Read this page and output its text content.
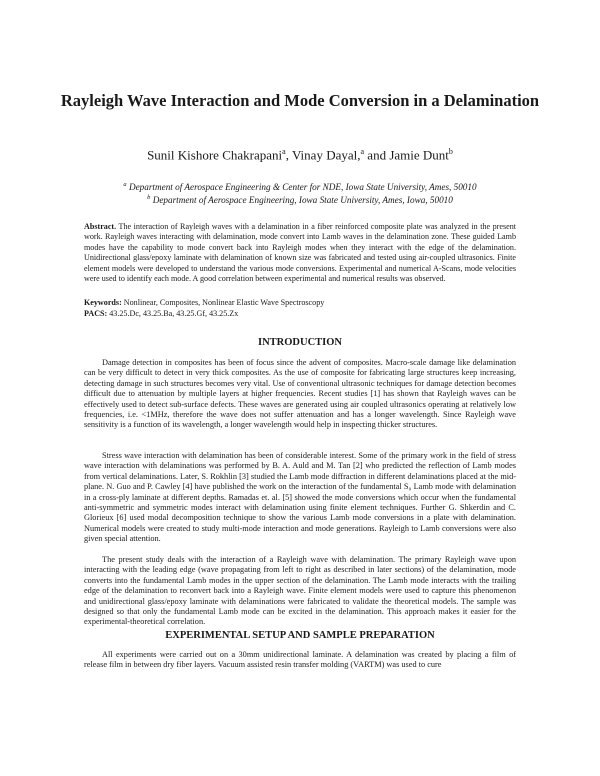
Rayleigh Wave Interaction and Mode Conversion in a Delamination
Sunil Kishore Chakrapani$^a$, Vinay Dayal,$^a$ and Jamie Dunt$^b$
$^a$ Department of Aerospace Engineering & Center for NDE, Iowa State University, Ames, 50010
$^b$ Department of Aerospace Engineering, Iowa State University, Ames, Iowa, 50010
Abstract. The interaction of Rayleigh waves with a delamination in a fiber reinforced composite plate was analyzed in the present work. Rayleigh waves interacting with delamination, mode convert into Lamb waves in the delamination zone. These guided Lamb modes have the capability to mode convert back into Rayleigh modes when they interact with the edge of the delamination. Unidirectional glass/epoxy laminate with delamination of known size was fabricated and tested using air-coupled ultrasonics. Finite element models were developed to understand the various mode conversions. Experimental and numerical A-Scans, mode velocities were used to identify each mode. A good correlation between experimental and numerical results was observed.
Keywords: Nonlinear, Composites, Nonlinear Elastic Wave Spectroscopy
PACS: 43.25.Dc, 43.25.Ba, 43.25.Gf, 43.25.Zx
INTRODUCTION
Damage detection in composites has been of focus since the advent of composites. Macro-scale damage like delamination can be very difficult to detect in very thick composites. As the use of composite for fabricating large structures keep increasing, detecting damage in such structures becomes very vital. Use of conventional ultrasonic techniques for damage detection becomes difficult due to attenuation by multiple layers at higher frequencies. Recent studies [1] has shown that Rayleigh waves can be effectively used to detect sub-surface defects. These waves are generated using air coupled ultrasonics operating at relatively low frequencies, i.e. <1MHz, therefore the wave does not suffer attenuation and has a longer wavelength. Since Rayleigh wave sensitivity is a function of its wavelength, a longer wavelength would help in inspecting thicker structures.
Stress wave interaction with delamination has been of considerable interest. Some of the primary work in the field of stress wave interaction with delaminations was performed by B. A. Auld and M. Tan [2] who predicted the reflection of Lamb modes from vertical delaminations. Later, S. Rokhlin [3] studied the Lamb mode diffraction in different delaminations placed at the mid-plane. N. Guo and P. Cawley [4] have published the work on the interaction of the fundamental S₀ Lamb mode with delamination in a cross-ply laminate at different depths. Ramadas et. al. [5] showed the mode conversions which occur when the fundamental anti-symmetric and symmetric modes interact with delamination using finite element techniques. Further G. Shkerdin and C. Glorieux [6] used modal decomposition technique to show the various Lamb mode conversions in a plate with delamination. Numerical models were created to study multi-mode interaction and mode generations. Rayleigh to Lamb conversions were also given special attention.
The present study deals with the interaction of a Rayleigh wave with delamination. The primary Rayleigh wave upon interacting with the leading edge (wave propagating from left to right as described in later sections) of the delamination, mode converts into the fundamental Lamb modes in the upper section of the delamination. The Lamb mode interacts with the trailing edge of the delamination to reconvert back into a Rayleigh wave. Finite element models were used to capture this phenomenon and unidirectional glass/epoxy laminate with delaminations were fabricated to validate the theoretical models. The sample was designed so that only the fundamental Lamb mode can be excited in the delamination. This approach makes it easier for the experimental-theoretical correlation.
EXPERIMENTAL SETUP AND SAMPLE PREPARATION
All experiments were carried out on a 30mm unidirectional laminate. A delamination was created by placing a film of release film in between dry fiber layers. Vacuum assisted resin transfer molding (VARTM) was used to cure
